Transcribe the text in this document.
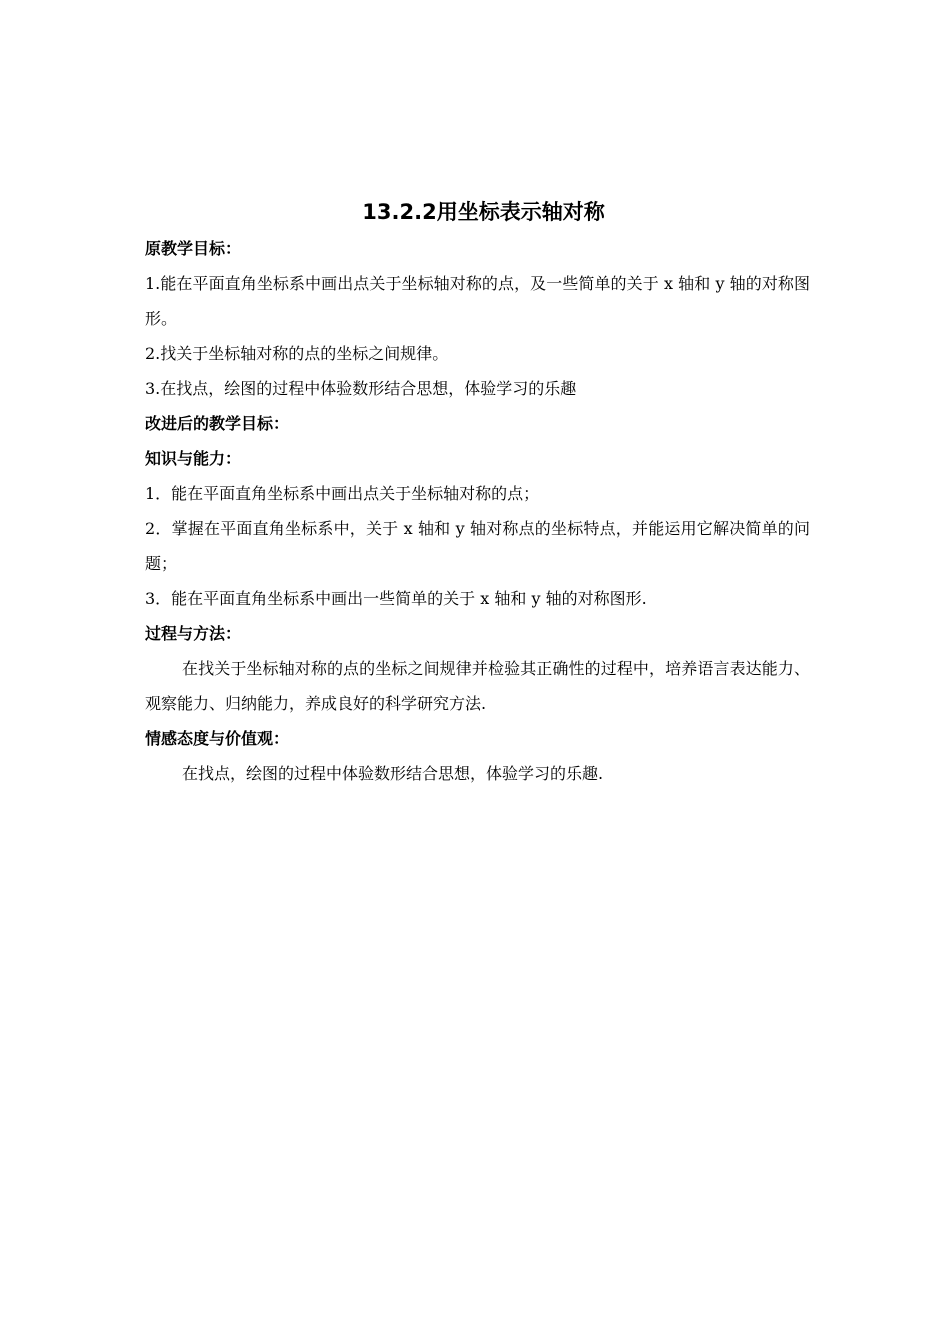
13.2.2用坐标表示轴对称
原教学目标：

1.能在平面直角坐标系中画出点关于坐标轴对称的点，及一些简单的关于 x 轴和 y 轴的对称图形。

2.找关于坐标轴对称的点的坐标之间规律。

3.在找点，绘图的过程中体验数形结合思想，体验学习的乐趣

改进后的教学目标：
知识与能力：

1．能在平面直角坐标系中画出点关于坐标轴对称的点；

2．掌握在平面直角坐标系中，关于 x 轴和 y 轴对称点的坐标特点，并能运用它解决简单的问题；

3．能在平面直角坐标系中画出一些简单的关于 x 轴和 y 轴的对称图形.

过程与方法：

在找关于坐标轴对称的点的坐标之间规律并检验其正确性的过程中，培养语言表达能力、观察能力、归纳能力，养成良好的科学研究方法.

情感态度与价值观：

在找点，绘图的过程中体验数形结合思想，体验学习的乐趣.
